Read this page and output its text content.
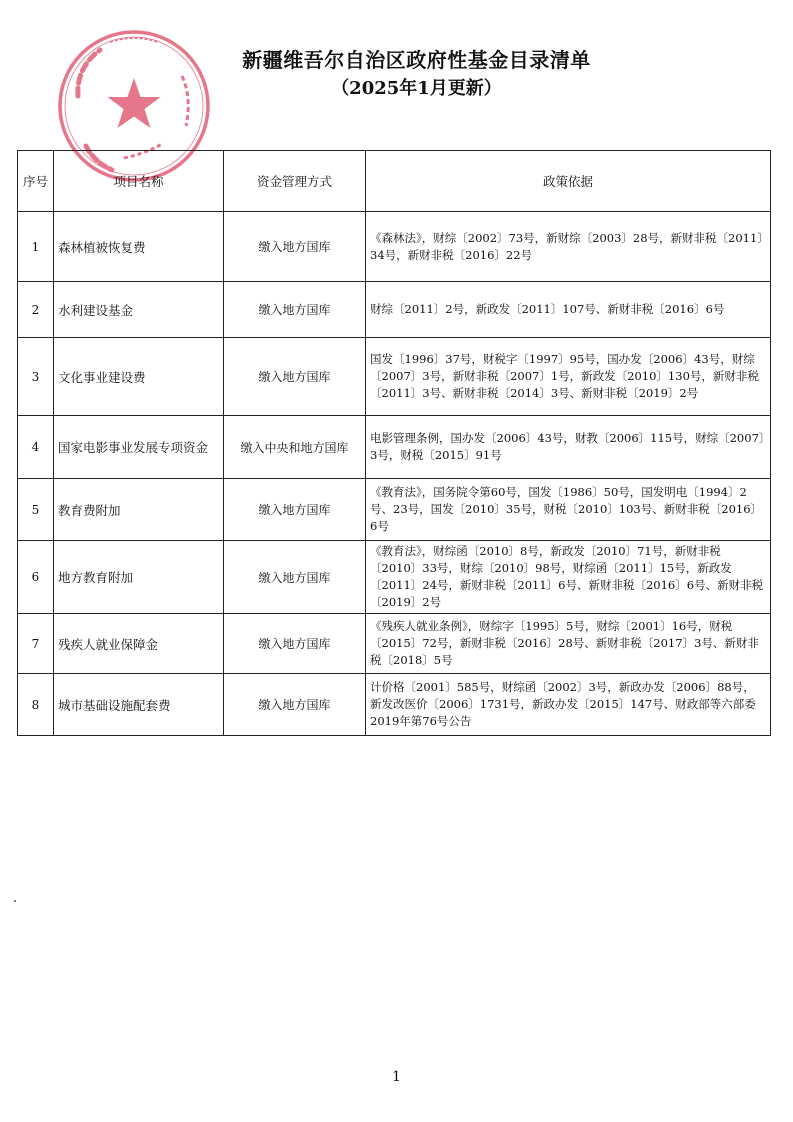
新疆维吾尔自治区政府性基金目录清单
（2025年1月更新）
序号	项目名称	资金管理方式	政策依据
1	森林植被恢复费	缴入地方国库	《森林法》，财综〔2002〕73号，新财综〔2003〕28号，新财非税〔2011〕34号，新财非税〔2016〕22号
2	水利建设基金	缴入地方国库	财综〔2011〕2号，新政发〔2011〕107号、新财非税〔2016〕6号
3	文化事业建设费	缴入地方国库	国发〔1996〕37号，财税字〔1997〕95号，国办发〔2006〕43号，财综〔2007〕3号，新财非税〔2007〕1号，新政发〔2010〕130号，新财非税〔2011〕3号、新财非税〔2014〕3号、新财非税〔2019〕2号
4	国家电影事业发展专项资金	缴入中央和地方国库	电影管理条例，国办发〔2006〕43号，财教〔2006〕115号，财综〔2007〕3号，财税〔2015〕91号
5	教育费附加	缴入地方国库	《教育法》，国务院令第60号，国发〔1986〕50号，国发明电〔1994〕2号、23号，国发〔2010〕35号，财税〔2010〕103号、新财非税〔2016〕6号
6	地方教育附加	缴入地方国库	《教育法》，财综函〔2010〕8号，新政发〔2010〕71号，新财非税〔2010〕33号，财综〔2010〕98号，财综函〔2011〕15号，新政发〔2011〕24号，新财非税〔2011〕6号、新财非税〔2016〕6号、新财非税〔2019〕2号
7	残疾人就业保障金	缴入地方国库	《残疾人就业条例》，财综字〔1995〕5号，财综〔2001〕16号，财税〔2015〕72号，新财非税〔2016〕28号、新财非税〔2017〕3号、新财非税〔2018〕5号
8	城市基础设施配套费	缴入地方国库	计价格〔2001〕585号，财综函〔2002〕3号，新政办发〔2006〕88号，新发改医价〔2006〕1731号，新政办发〔2015〕147号、财政部等六部委2019年第76号公告
1
